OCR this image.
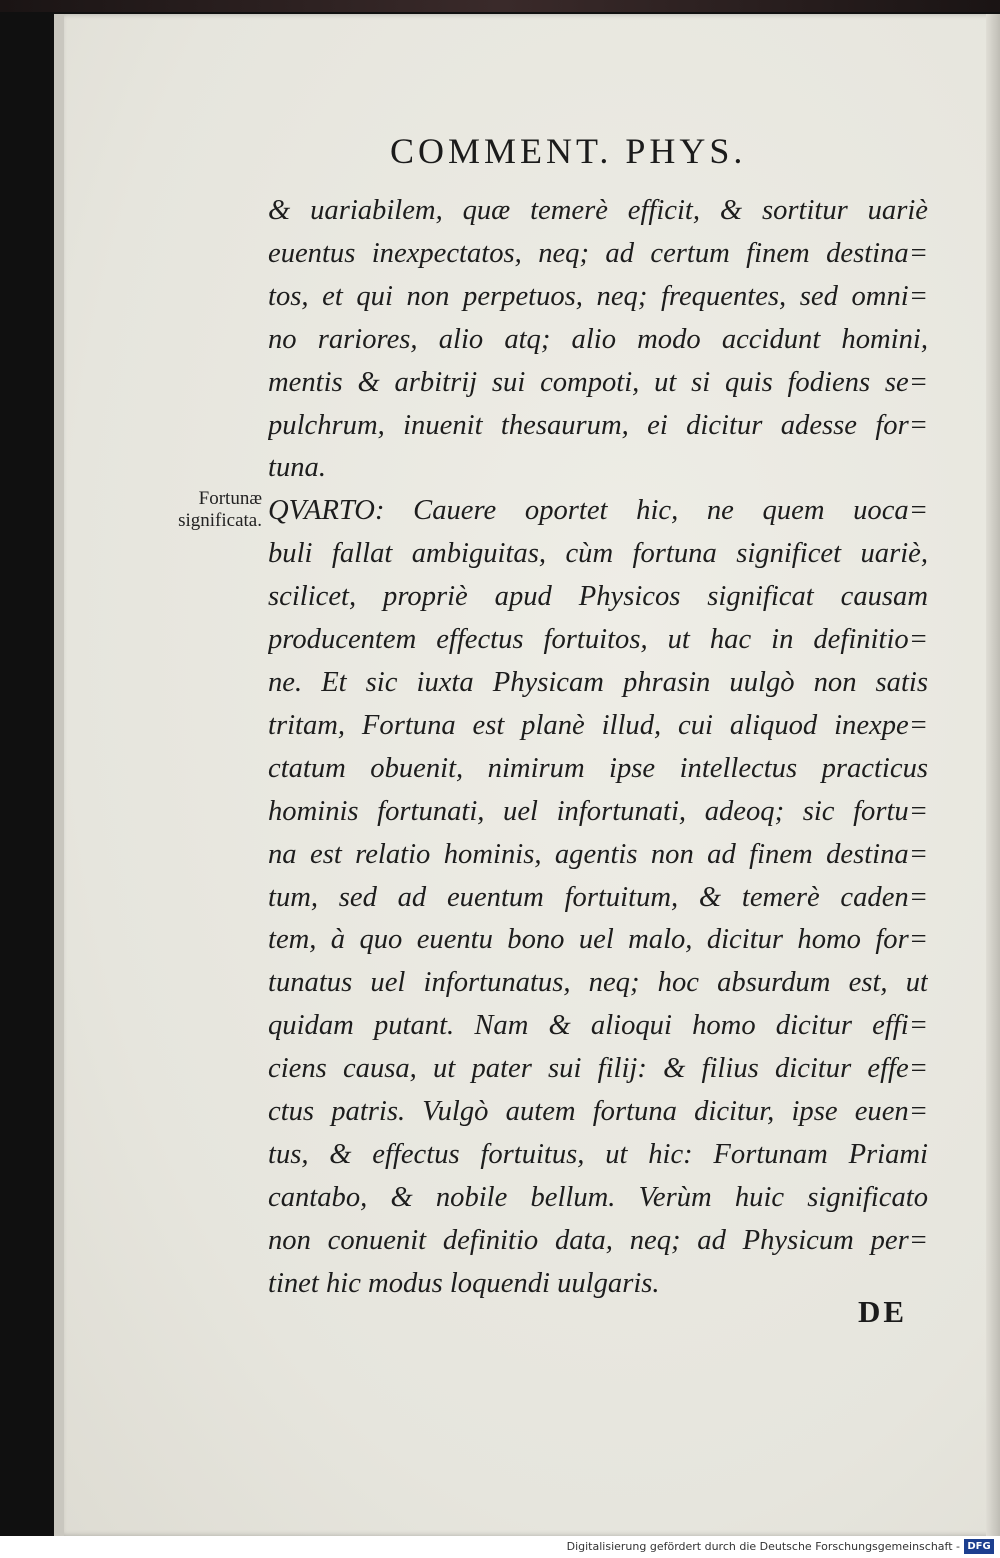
COMMENT. PHYS.
Fortunæ
significata.
& uariabilem, quæ temerè efficit, & sortitur uariè
euentus inexpectatos, neq; ad certum finem destina=
tos, et qui non perpetuos, neq; frequentes, sed omni=
no rariores, alio atq; alio modo accidunt homini,
mentis & arbitrij sui compoti, ut si quis fodiens se=
pulchrum, inuenit thesaurum, ei dicitur adesse for=
tuna.
QVARTO: Cauere oportet hic, ne quem uoca=
buli fallat ambiguitas, cùm fortuna significet uariè,
scilicet, propriè apud Physicos significat causam
producentem effectus fortuitos, ut hac in definitio=
ne. Et sic iuxta Physicam phrasin uulgò non satis
tritam, Fortuna est planè illud, cui aliquod inexpe=
ctatum obuenit, nimirum ipse intellectus practicus
hominis fortunati, uel infortunati, adeoq; sic fortu=
na est relatio hominis, agentis non ad finem destina=
tum, sed ad euentum fortuitum, & temerè caden=
tem, à quo euentu bono uel malo, dicitur homo for=
tunatus uel infortunatus, neq; hoc absurdum est, ut
quidam putant. Nam & alioqui homo dicitur effi=
ciens causa, ut pater sui filij: & filius dicitur effe=
ctus patris. Vulgò autem fortuna dicitur, ipse euen=
tus, & effectus fortuitus, ut hic: Fortunam Priami
cantabo, & nobile bellum. Verùm huic significato
non conuenit definitio data, neq; ad Physicum per=
tinet hic modus loquendi uulgaris.
DE
Digitalisierung gefördert durch die Deutsche Forschungsgemeinschaft - DFG
